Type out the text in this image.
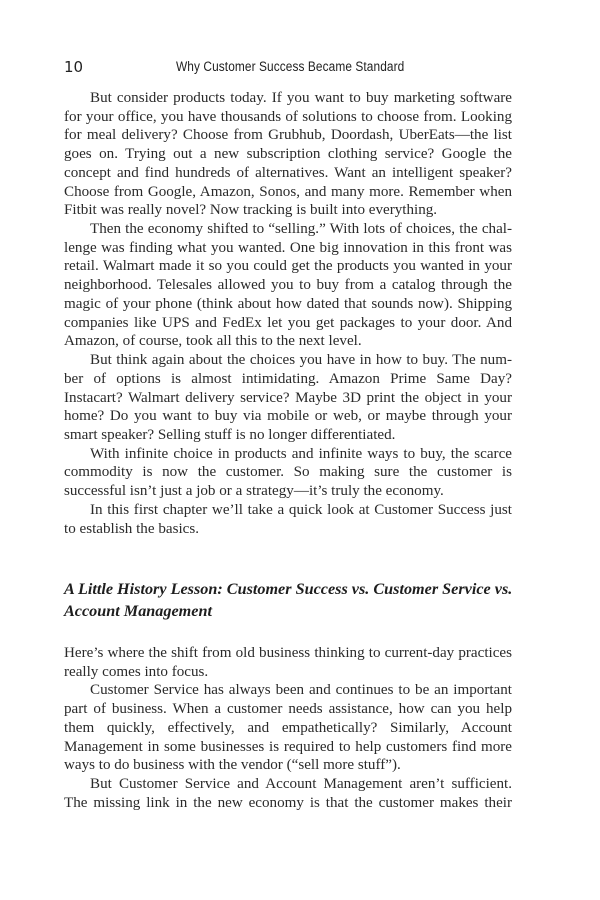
10	Why Customer Success Became Standard

But consider products today. If you want to buy marketing software for your office, you have thousands of solutions to choose from. Looking for meal delivery? Choose from Grubhub, Doordash, UberEats—the list goes on. Trying out a new subscription clothing service? Google the concept and find hundreds of alternatives. Want an intelligent speaker? Choose from Google, Amazon, Sonos, and many more. Remember when Fitbit was really novel? Now tracking is built into everything.

Then the economy shifted to “selling.” With lots of choices, the challenge was finding what you wanted. One big innovation in this front was retail. Walmart made it so you could get the products you wanted in your neighborhood. Telesales allowed you to buy from a catalog through the magic of your phone (think about how dated that sounds now). Shipping companies like UPS and FedEx let you get packages to your door. And Amazon, of course, took all this to the next level.

But think again about the choices you have in how to buy. The number of options is almost intimidating. Amazon Prime Same Day? Instacart? Walmart delivery service? Maybe 3D print the object in your home? Do you want to buy via mobile or web, or maybe through your smart speaker? Selling stuff is no longer differentiated.

With infinite choice in products and infinite ways to buy, the scarce commodity is now the customer. So making sure the customer is successful isn’t just a job or a strategy—it’s truly the economy.

In this first chapter we’ll take a quick look at Customer Success just to establish the basics.

A Little History Lesson: Customer Success vs. Customer Service vs. Account Management

Here’s where the shift from old business thinking to current-day practices really comes into focus.

Customer Service has always been and continues to be an important part of business. When a customer needs assistance, how can you help them quickly, effectively, and empathetically? Similarly, Account Management in some businesses is required to help customers find more ways to do business with the vendor (“sell more stuff”).

But Customer Service and Account Management aren’t sufficient. The missing link in the new economy is that the customer makes their
